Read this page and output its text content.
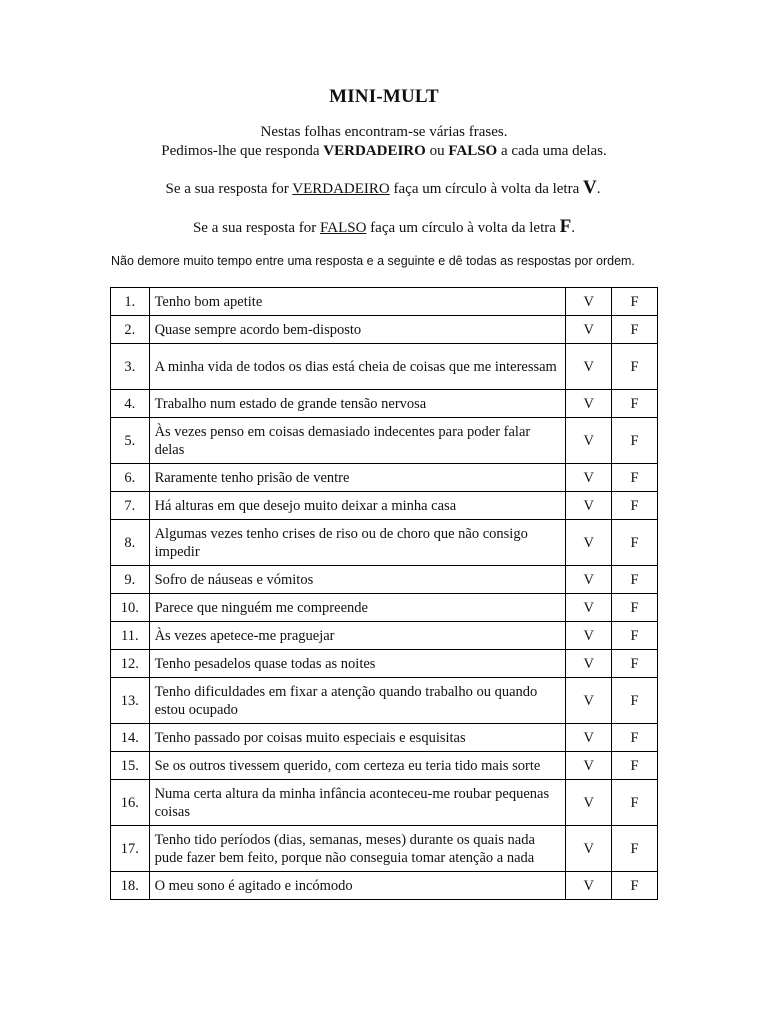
MINI-MULT
Nestas folhas encontram-se várias frases.
Pedimos-lhe que responda VERDADEIRO ou FALSO a cada uma delas.
Se a sua resposta for VERDADEIRO faça um círculo à volta da letra V.
Se a sua resposta for FALSO faça um círculo à volta da letra F.
Não demore muito tempo entre uma resposta e a seguinte e dê todas as respostas por ordem.
1.	Tenho bom apetite	V	F
2.	Quase sempre acordo bem-disposto	V	F
3.	A minha vida de todos os dias está cheia de coisas que me interessam	V	F
4.	Trabalho num estado de grande tensão nervosa	V	F
5.	Às vezes penso em coisas demasiado indecentes para poder falar delas	V	F
6.	Raramente tenho prisão de ventre	V	F
7.	Há alturas em que desejo muito deixar a minha casa	V	F
8.	Algumas vezes tenho crises de riso ou de choro que não consigo impedir	V	F
9.	Sofro de náuseas e vómitos	V	F
10.	Parece que ninguém me compreende	V	F
11.	Às vezes apetece-me praguejar	V	F
12.	Tenho pesadelos quase todas as noites	V	F
13.	Tenho dificuldades em fixar a atenção quando trabalho ou quando estou ocupado	V	F
14.	Tenho passado por coisas muito especiais e esquisitas	V	F
15.	Se os outros tivessem querido, com certeza eu teria tido mais sorte	V	F
16.	Numa certa altura da minha infância aconteceu-me roubar pequenas coisas	V	F
17.	Tenho tido períodos (dias, semanas, meses) durante os quais nada pude fazer bem feito, porque não conseguia tomar atenção a nada	V	F
18.	O meu sono é agitado e incómodo	V	F
